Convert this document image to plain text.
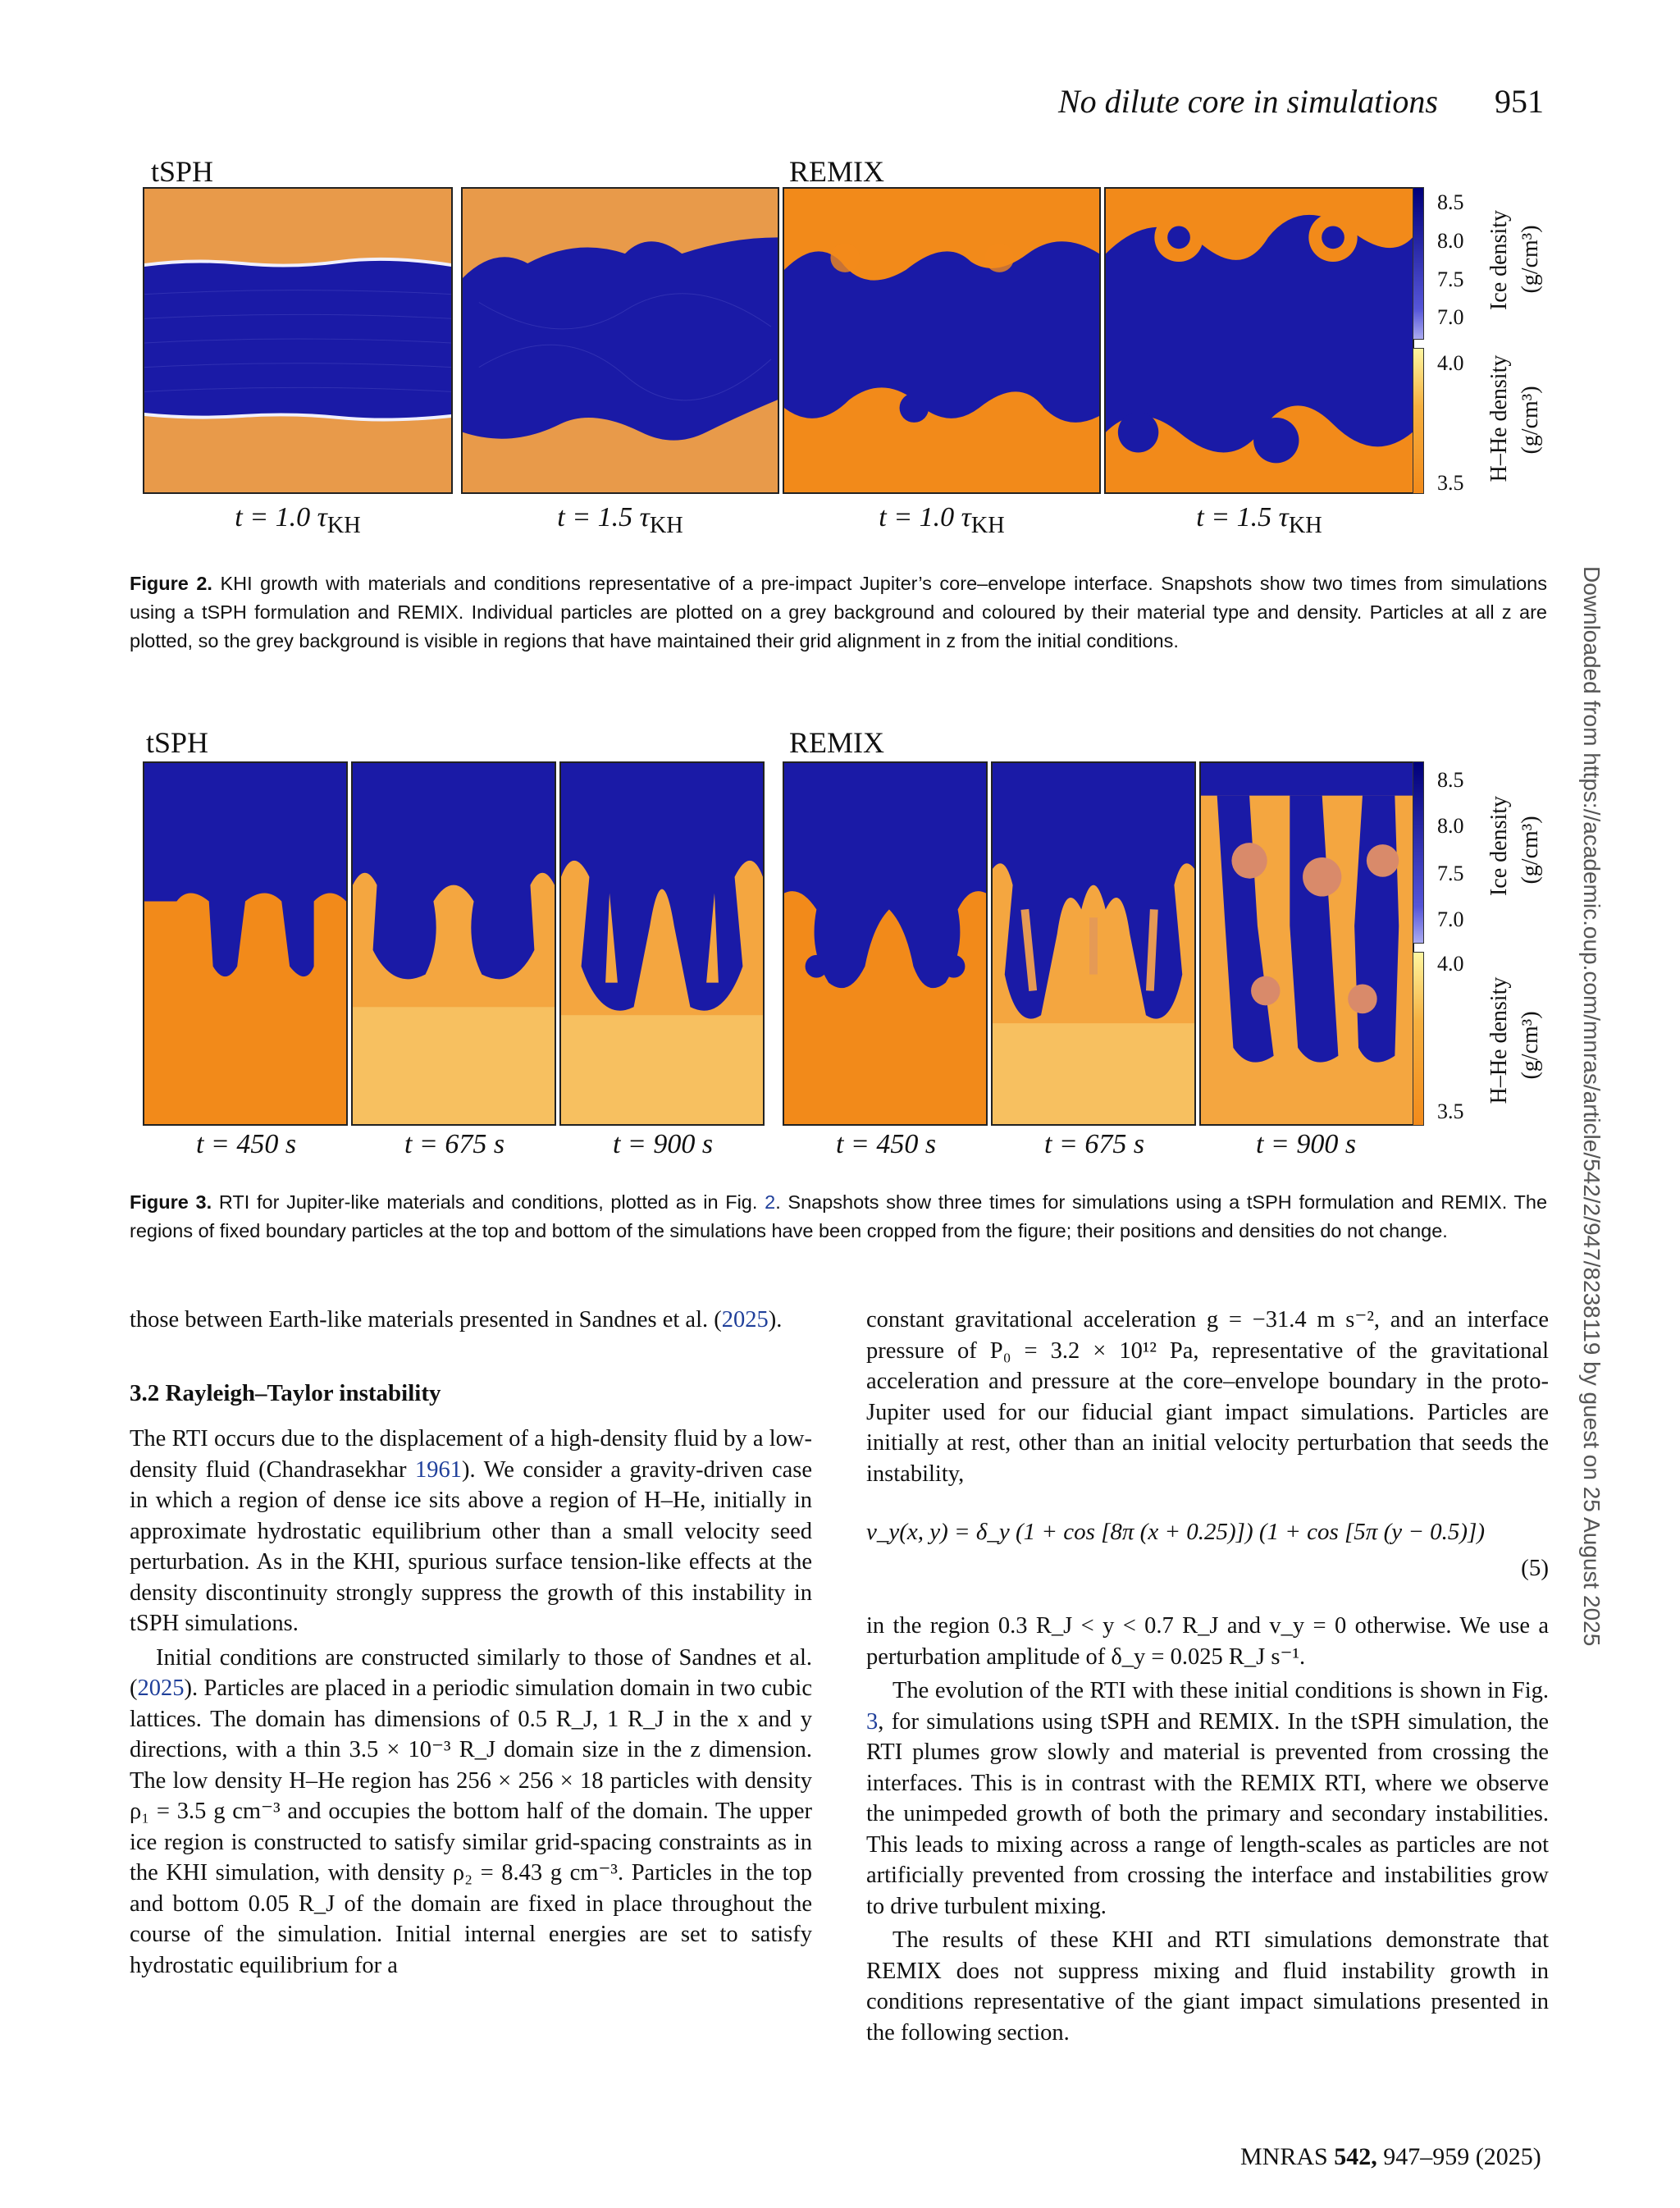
No dilute core in simulations 951
tSPH	REMIX
t = 1.0 $\tau_{KH}$	t = 1.5 $\tau_{KH}$	t = 1.0 $\tau_{KH}$	t = 1.5 $\tau_{KH}$
8.5
8.0
7.5
7.0
4.0
3.5
Ice density (g/cm³)
H–He density (g/cm³)
Figure 2. KHI growth with materials and conditions representative of a pre-impact Jupiter’s core–envelope interface. Snapshots show two times from simulations using a tSPH formulation and REMIX. Individual particles are plotted on a grey background and coloured by their material type and density. Particles at all z are plotted, so the grey background is visible in regions that have maintained their grid alignment in z from the initial conditions.
tSPH	REMIX
t = 450 s	t = 675 s	t = 900 s	t = 450 s	t = 675 s	t = 900 s
8.5
8.0
7.5
7.0
4.0
3.5
Ice density (g/cm³)
H–He density (g/cm³)
Figure 3. RTI for Jupiter-like materials and conditions, plotted as in Fig. 2. Snapshots show three times for simulations using a tSPH formulation and REMIX. The regions of fixed boundary particles at the top and bottom of the simulations have been cropped from the figure; their positions and densities do not change.	Downloaded from https://academic.oup.com/mnras/article/542/2/947/8238119 by guest on 25 August 2025

those between Earth-like materials presented in Sandnes et al. (2025).

3.2 Rayleigh–Taylor instability

The RTI occurs due to the displacement of a high-density fluid by a low-density fluid (Chandrasekhar 1961). We consider a gravity-driven case in which a region of dense ice sits above a region of H–He, initially in approximate hydrostatic equilibrium other than a small velocity seed perturbation. As in the KHI, spurious surface tension-like effects at the density discontinuity strongly suppress the growth of this instability in tSPH simulations.

Initial conditions are constructed similarly to those of Sandnes et al. (2025). Particles are placed in a periodic simulation domain in two cubic lattices. The domain has dimensions of 0.5 R_J, 1 R_J in the x and y directions, with a thin 3.5 × 10⁻³ R_J domain size in the z dimension. The low density H–He region has 256 × 256 × 18 particles with density ρ₁ = 3.5 g cm⁻³ and occupies the bottom half of the domain. The upper ice region is constructed to satisfy similar grid-spacing constraints as in the KHI simulation, with density ρ₂ = 8.43 g cm⁻³. Particles in the top and bottom 0.05 R_J of the domain are fixed in place throughout the course of the simulation. Initial internal energies are set to satisfy hydrostatic equilibrium for a

constant gravitational acceleration g = −31.4 m s⁻², and an interface pressure of P₀ = 3.2 × 10¹² Pa, representative of the gravitational acceleration and pressure at the core–envelope boundary in the proto-Jupiter used for our fiducial giant impact simulations. Particles are initially at rest, other than an initial velocity perturbation that seeds the instability,

v_y(x, y) = δ_y (1 + cos [8π (x + 0.25)]) (1 + cos [5π (y − 0.5)])
(5)

in the region 0.3 R_J < y < 0.7 R_J and v_y = 0 otherwise. We use a perturbation amplitude of δ_y = 0.025 R_J s⁻¹.

The evolution of the RTI with these initial conditions is shown in Fig. 3, for simulations using tSPH and REMIX. In the tSPH simulation, the RTI plumes grow slowly and material is prevented from crossing the interfaces. This is in contrast with the REMIX RTI, where we observe the unimpeded growth of both the primary and secondary instabilities. This leads to mixing across a range of length-scales as particles are not artificially prevented from crossing the interface and instabilities grow to drive turbulent mixing.

The results of these KHI and RTI simulations demonstrate that REMIX does not suppress mixing and fluid instability growth in conditions representative of the giant impact simulations presented in the following section.

MNRAS 542, 947–959 (2025)
